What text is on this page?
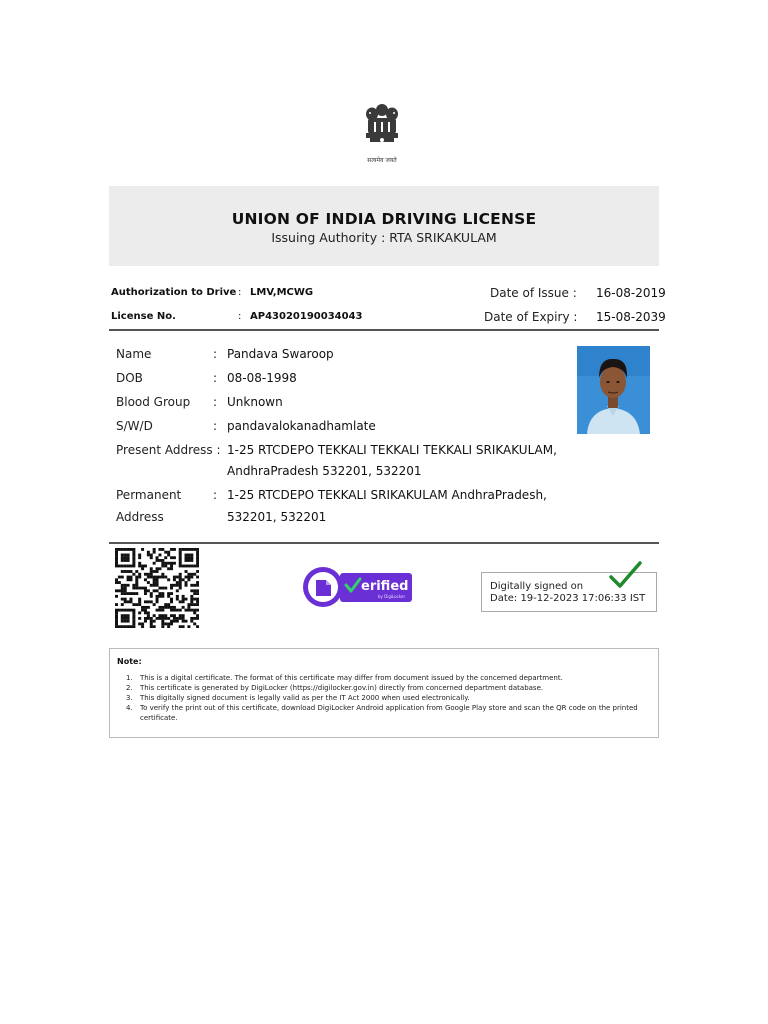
सत्यमेव जयते
UNION OF INDIA DRIVING LICENSE
Issuing Authority : RTA SRIKAKULAM
Authorization to Drive : LMV,MCWG	Date of Issue : 16-08-2019
License No.	: AP43020190034043	Date of Expiry : 15-08-2039
Name	: Pandava Swaroop
DOB	: 08-08-1998
Blood Group : Unknown
S/W/D	: pandavalokanadhamlate
Present Address : 1-25 RTCDEPO TEKKALI TEKKALI TEKKALI SRIKAKULAM,
AndhraPradesh 532201, 532201
Permanent	: 1-25 RTCDEPO TEKKALI SRIKAKULAM AndhraPradesh,
Address	532201, 532201
erified
by DigiLocker
Digitally signed on
Date: 19-12-2023 17:06:33 IST
Note:
1. This is a digital certificate. The format of this certificate may differ from document issued by the concerned department.
2. This certificate is generated by DigiLocker (https://digilocker.gov.in) directly from concerned department database.
3. This digitally signed document is legally valid as per the IT Act 2000 when used electronically.
4. To verify the print out of this certificate, download DigiLocker Android application from Google Play store and scan the QR code on the printed certificate.
